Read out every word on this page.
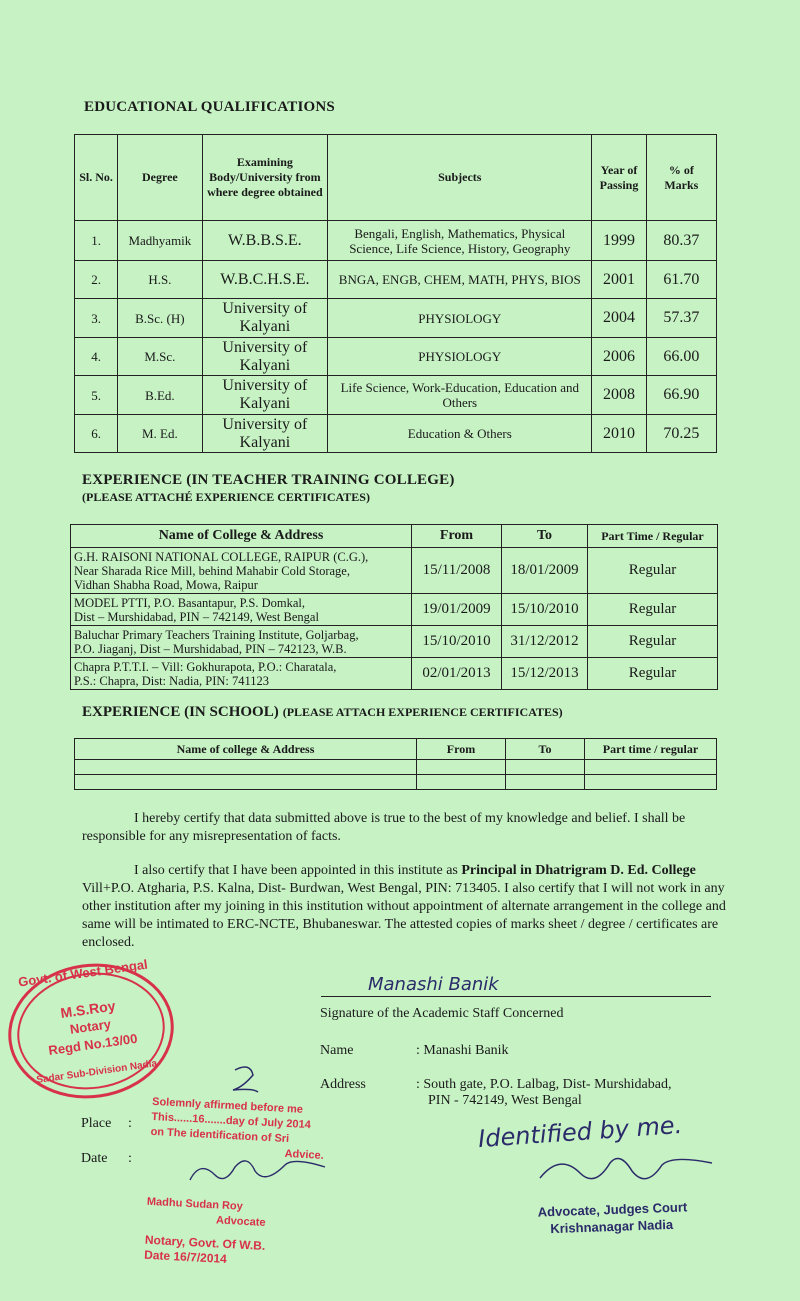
EDUCATIONAL QUALIFICATIONS
Sl. No.	Degree	Examining Body/University from where degree obtained	Subjects	Year of Passing	% of Marks
1.	Madhyamik	W.B.B.S.E.	Bengali, English, Mathematics, Physical Science, Life Science, History, Geography	1999	80.37
2.	H.S.	W.B.C.H.S.E.	BNGA, ENGB, CHEM, MATH, PHYS, BIOS	2001	61.70
3.	B.Sc. (H)	University of Kalyani	PHYSIOLOGY	2004	57.37
4.	M.Sc.	University of Kalyani	PHYSIOLOGY	2006	66.00
5.	B.Ed.	University of Kalyani	Life Science, Work-Education, Education and Others	2008	66.90
6.	M. Ed.	University of Kalyani	Education & Others	2010	70.25
EXPERIENCE (IN TEACHER TRAINING COLLEGE)
(PLEASE ATTACHÉ EXPERIENCE CERTIFICATES)
Name of College & Address	From	To	Part Time / Regular

G.H. RAISONI NATIONAL COLLEGE, RAIPUR (C.G.),
Near Sharada Rice Mill, behind Mahabir Cold Storage,
Vidhan Shabha Road, Mowa, Raipur	15/11/2008	18/01/2009	Regular

MODEL PTTI, P.O. Basantapur, P.S. Domkal,
Dist – Murshidabad, PIN – 742149, West Bengal	19/01/2009	15/10/2010	Regular

Baluchar Primary Teachers Training Institute, Goljarbag,
P.O. Jiaganj, Dist – Murshidabad, PIN – 742123, W.B.	15/10/2010	31/12/2012	Regular

Chapra P.T.T.I. – Vill: Gokhurapota, P.O.: Charatala,
P.S.: Chapra, Dist: Nadia, PIN: 741123	02/01/2013	15/12/2013	Regular
EXPERIENCE (IN SCHOOL) (PLEASE ATTACH EXPERIENCE CERTIFICATES)
Name of college & Address	From	To	Part time / regular

I hereby certify that data submitted above is true to the best of my knowledge and belief. I shall be responsible for any misrepresentation of facts.

I also certify that I have been appointed in this institute as Principal in Dhatrigram D. Ed. College Vill+P.O. Atgharia, P.S. Kalna, Dist- Burdwan, West Bengal, PIN: 713405. I also certify that I will not work in any other institution after my joining in this institution without appointment of alternate arrangement in the college and same will be intimated to ERC-NCTE, Bhubaneswar. The attested copies of marks sheet / degree / certificates are enclosed.

Manashi Banik
Signature of the Academic Staff Concerned
Name	: Manashi Banik
Address	: South gate, P.O. Lalbag, Dist- Murshidabad,
PIN - 742149, West Bengal
Place :
Date :
Govt. of West Bengal
M.S.Roy
Notary
Regd No.13/00
Sadar Sub-Division Nadia
Solemnly affirmed before me
This......16.......day of July 2014
on The identification of Sri
Advice.
Madhu Sudan Roy
Advocate
Notary, Govt. Of W.B.
Date 16/7/2014
Identified by me.
Advocate, Judges Court
Krishnanagar Nadia
